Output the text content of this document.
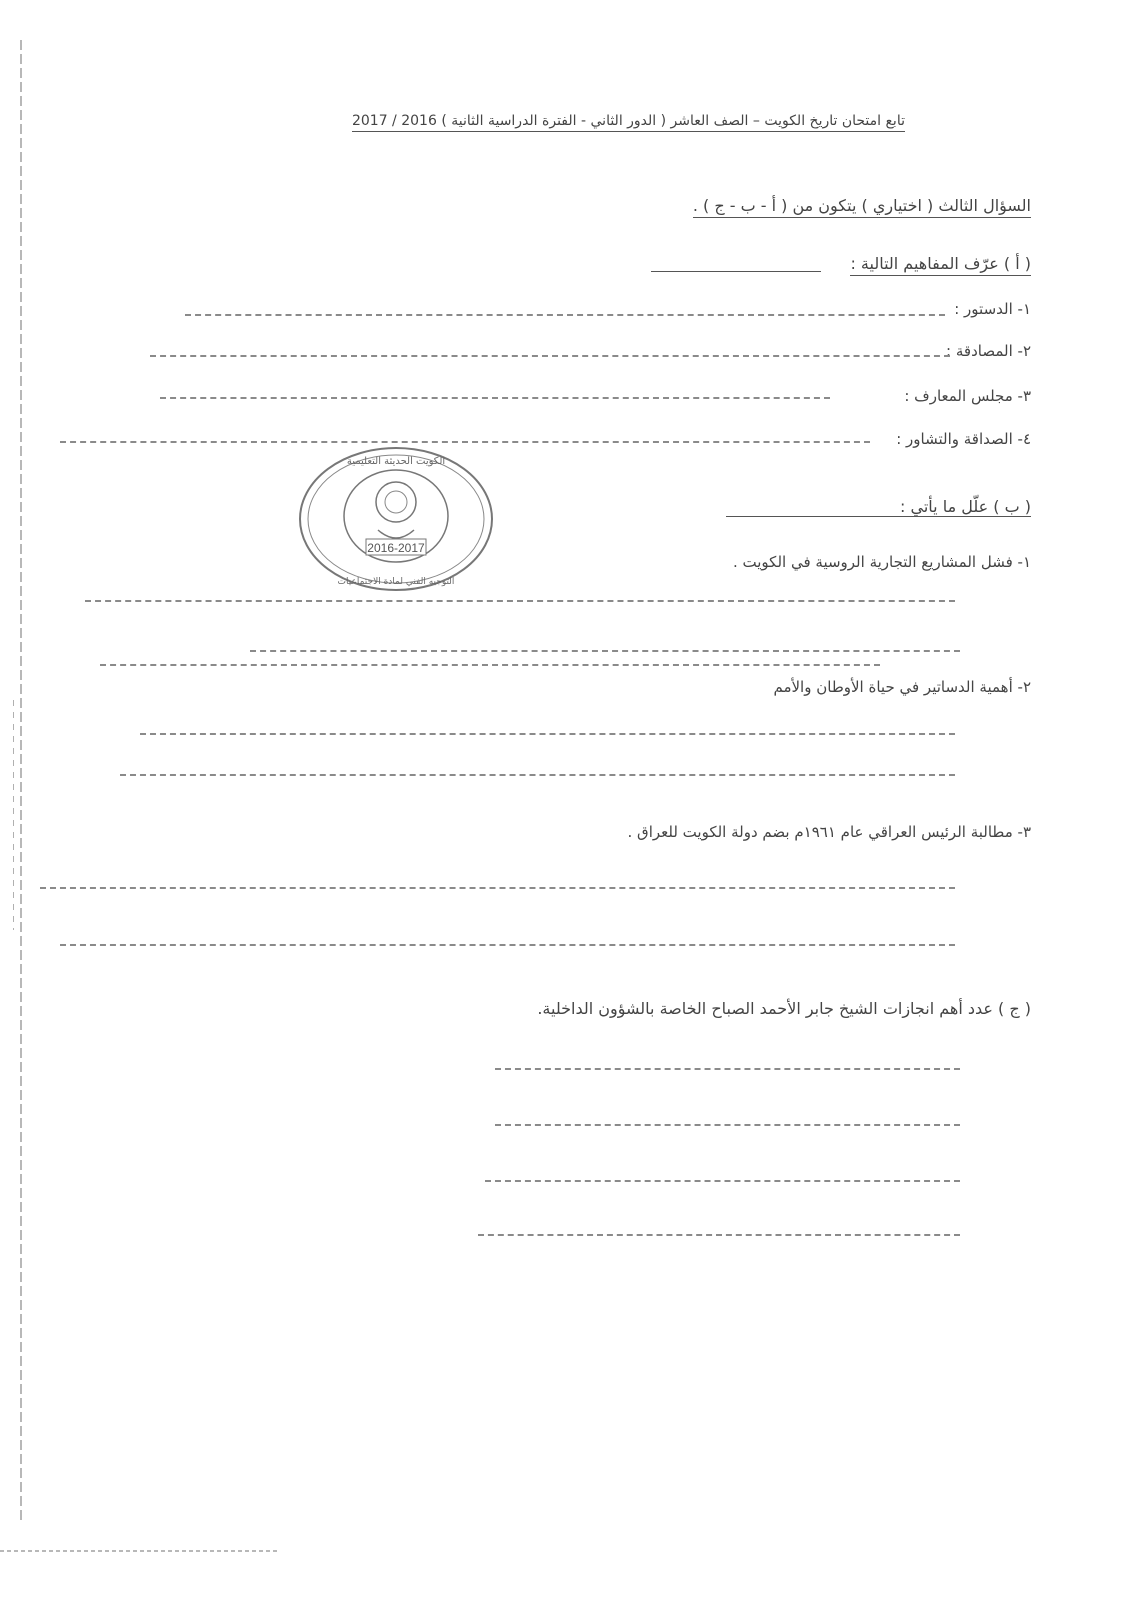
تابع امتحان تاريخ الكويت – الصف العاشر ( الدور الثاني - الفترة الدراسية الثانية ) 2016 / 2017
السؤال الثالث ( اختياري ) يتكون من ( أ - ب - ج ) .
( أ ) عرّف المفاهيم التالية :
١- الدستور :
٢- المصادقة :
٣- مجلس المعارف :
٤- الصداقة والتشاور :
2016-2017
الكويت الحديثة التعليمية
التوجيه الفني لمادة الاجتماعيات
( ب ) علّل ما يأتي :
١- فشل المشاريع التجارية الروسية في الكويت .
٢- أهمية الدساتير في حياة الأوطان والأمم
٣- مطالبة الرئيس العراقي عام ١٩٦١م بضم دولة الكويت للعراق .
( ج ) عدد أهم انجازات الشيخ جابر الأحمد الصباح الخاصة بالشؤون الداخلية.
